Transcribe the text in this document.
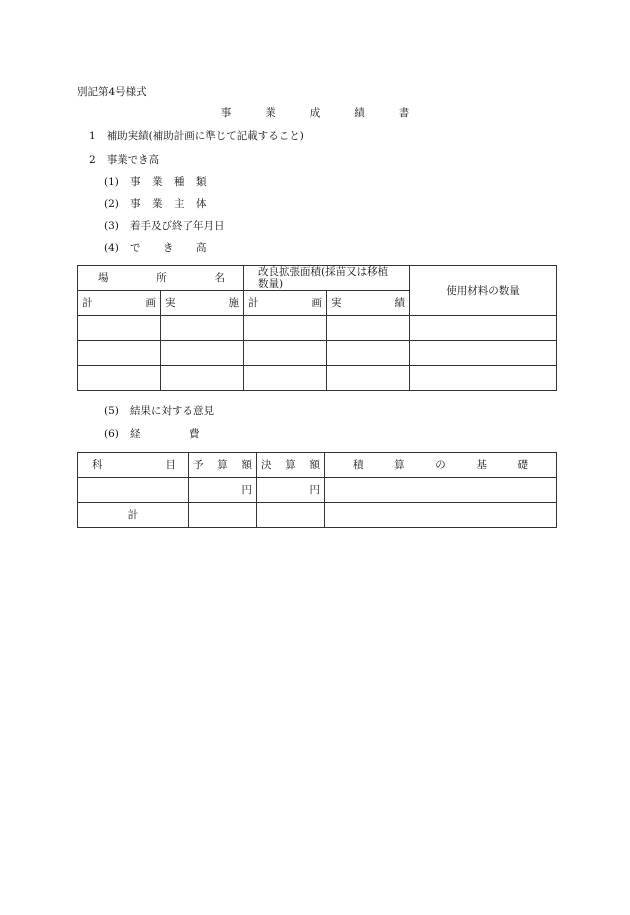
別記第4号様式
事	業	成	績	書
1 補助実績(補助計画に準じて記載すること)
2 事業でき高
(1) 事 業 種 類
(2) 事 業 主 体
(3) 着手及び終了年月日
(4) で き 高
場 所 名		改良拡張面積(採苗又は移植数量)		使用材料の数量

計 画	実 施	計 画	実 績	

(5) 結果に対する意見
(6) 経	費
科 目	予 算 額	決 算 額	積 算 の 基 礎

	円	円	
計			
